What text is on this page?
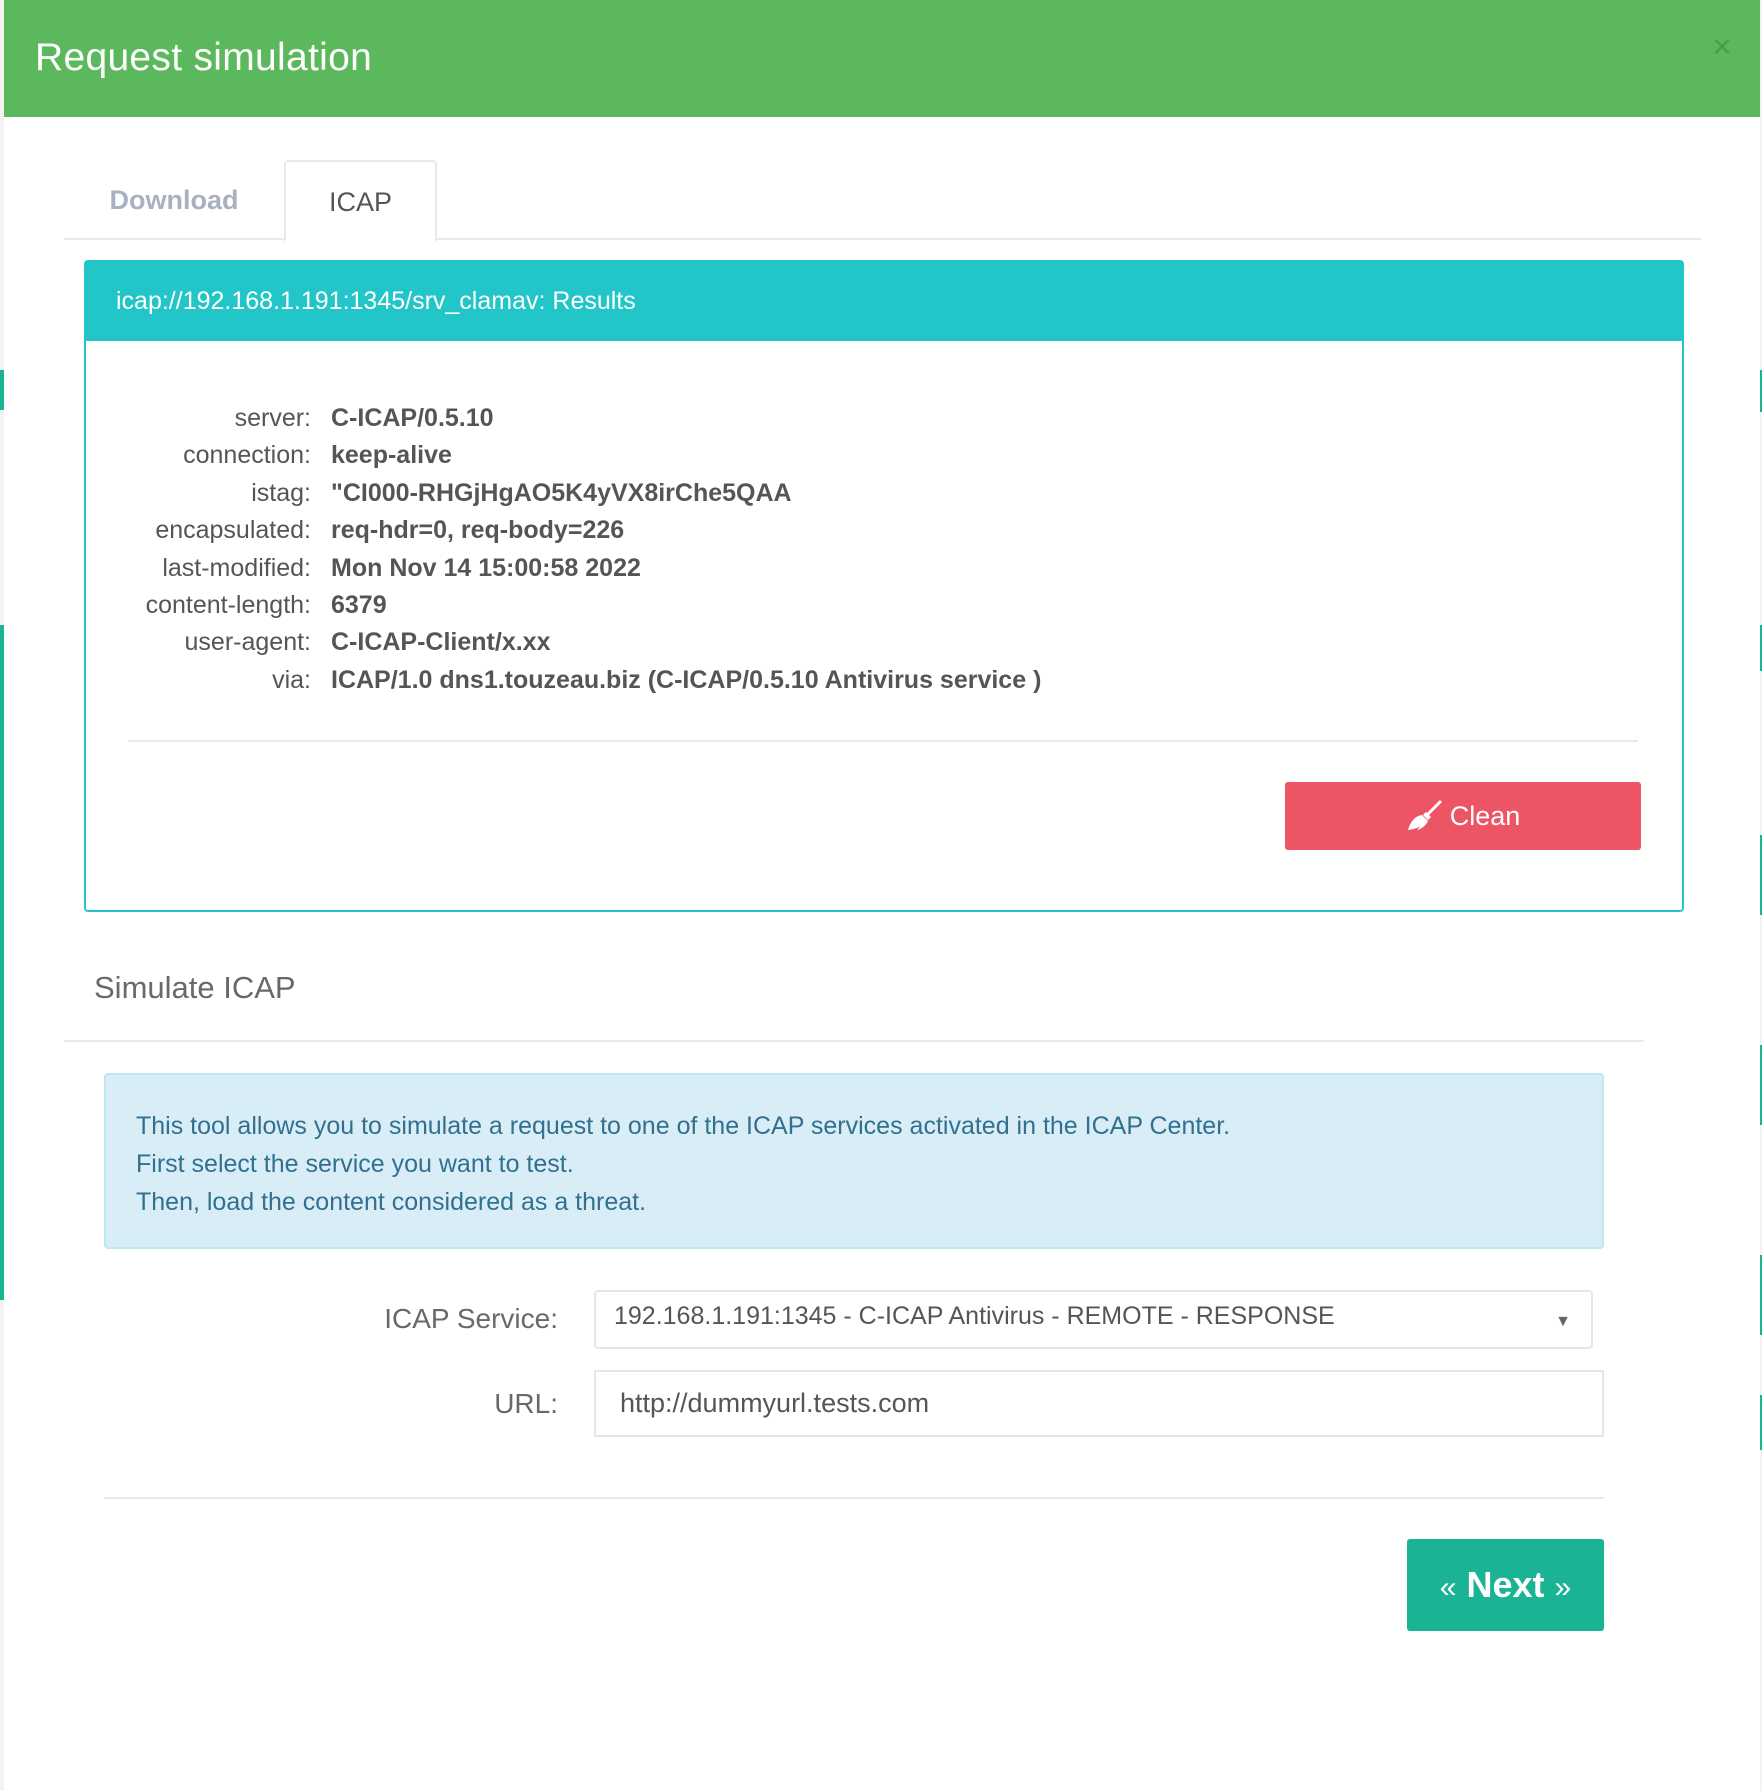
Request simulation	×
Download	ICAP
icap://192.168.1.191:1345/srv_clamav: Results
server: C-ICAP/0.5.10
connection: keep-alive
istag: "CI000-RHGjHgAO5K4yVX8irChe5QAA
encapsulated: req-hdr=0, req-body=226
last-modified: Mon Nov 14 15:00:58 2022
content-length: 6379
user-agent: C-ICAP-Client/x.xx
via: ICAP/1.0 dns1.touzeau.biz (C-ICAP/0.5.10 Antivirus service )
Clean
Simulate ICAP
This tool allows you to simulate a request to one of the ICAP services activated in the ICAP Center.
First select the service you want to test.
Then, load the content considered as a threat.
ICAP Service:	192.168.1.191:1345 - C-ICAP Antivirus - REMOTE - RESPONSE	▼
URL:
http://dummyurl.tests.com
« Next »
